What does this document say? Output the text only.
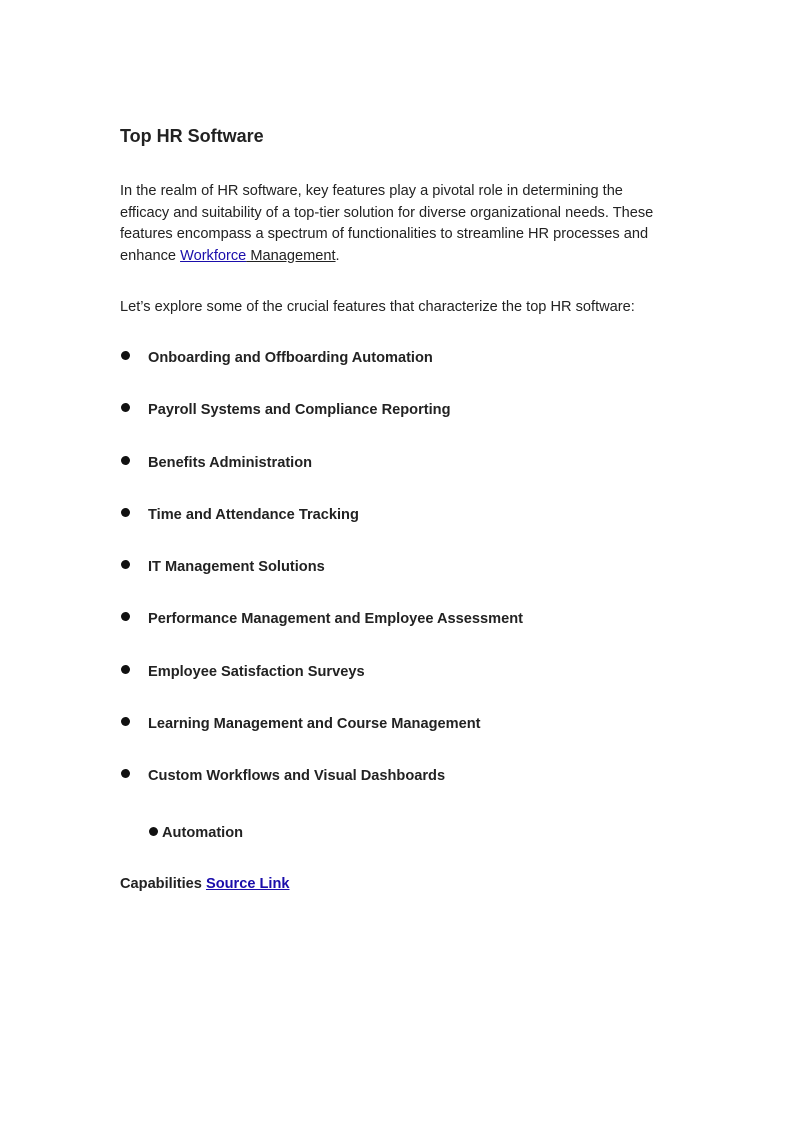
Top HR Software

In the realm of HR software, key features play a pivotal role in determining the efficacy and suitability of a top-tier solution for diverse organizational needs. These features encompass a spectrum of functionalities to streamline HR processes and enhance Workforce Management.

Let’s explore some of the crucial features that characterize the top HR software:

Onboarding and Offboarding Automation
Payroll Systems and Compliance Reporting
Benefits Administration
Time and Attendance Tracking
IT Management Solutions
Performance Management and Employee Assessment
Employee Satisfaction Surveys
Learning Management and Course Management
Custom Workflows and Visual Dashboards
Automation

Capabilities Source Link
